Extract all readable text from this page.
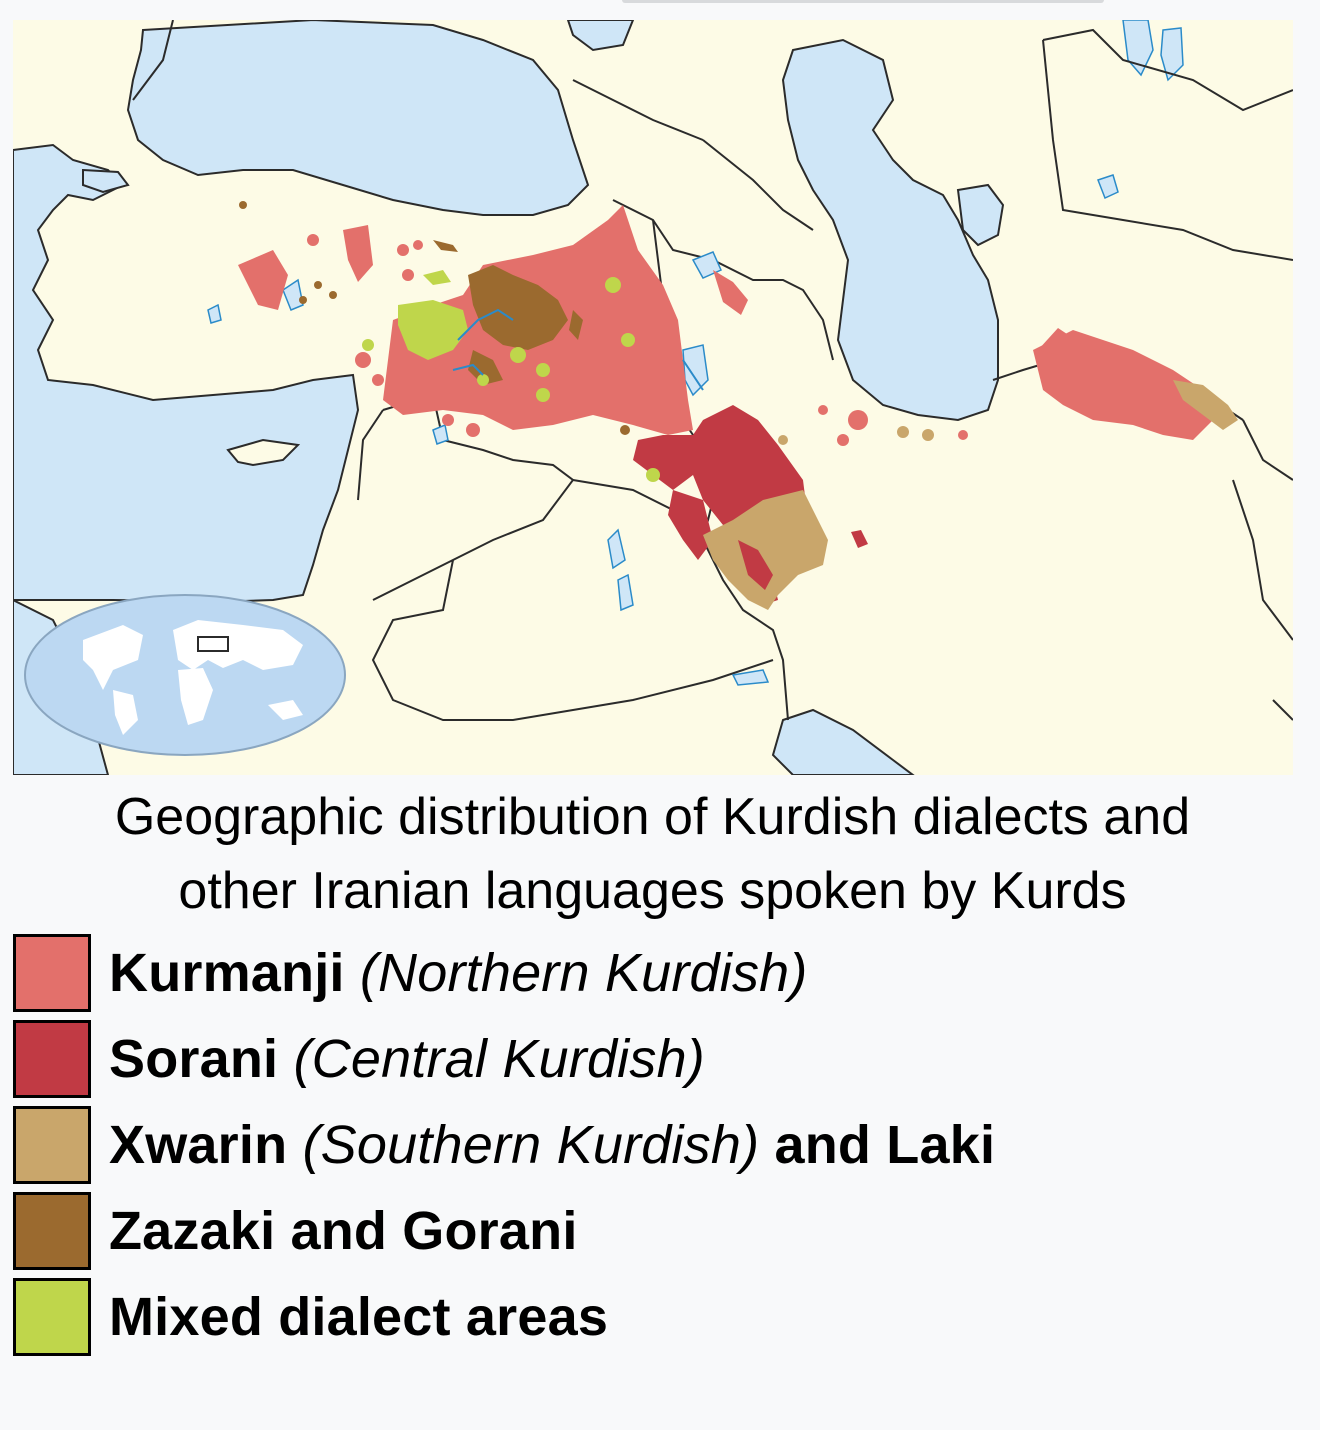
Geographic distribution of Kurdish dialects and
other Iranian languages spoken by Kurds
Kurmanji (Northern Kurdish)
Sorani (Central Kurdish)
Xwarin (Southern Kurdish) and Laki
Zazaki and Gorani
Mixed dialect areas
